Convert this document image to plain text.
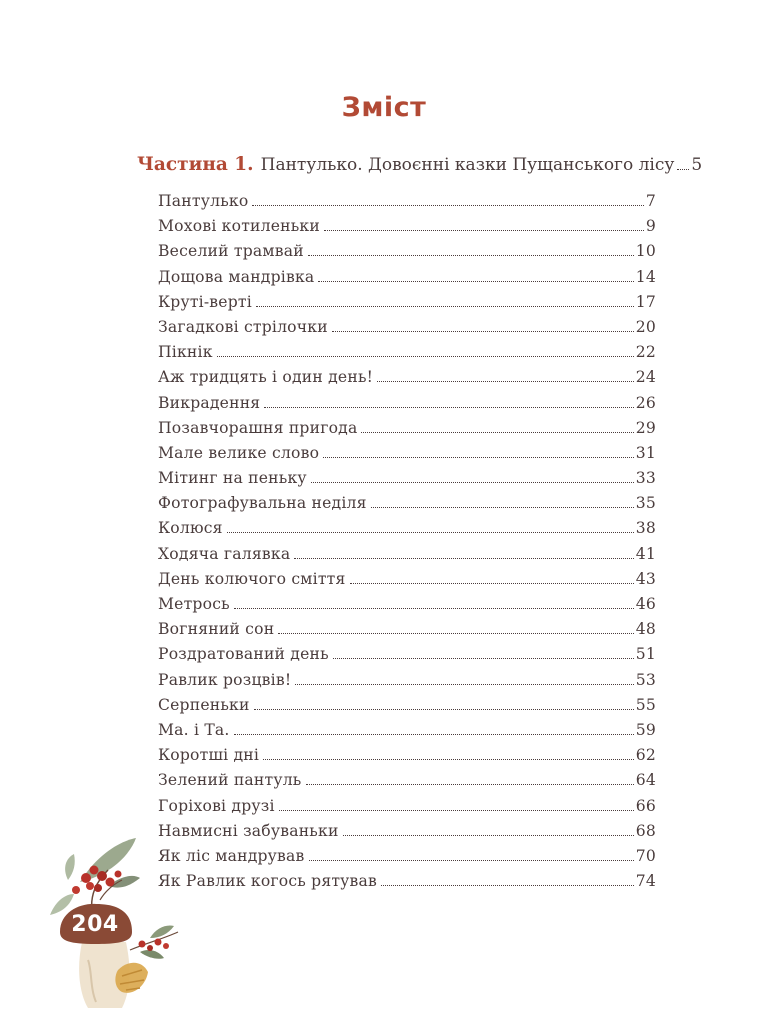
Зміст
Частина 1. Пантулько. Довоєнні казки Пущанського лісу 5
Пантулько	7
Мохові котиленьки	9
Веселий трамвай	10
Дощова мандрівка	14
Круті-верті	17
Загадкові стрілочки	20
Пікнік	22
Аж тридцять і один день!	24
Викрадення	26
Позавчорашня пригода	29
Мале велике слово	31
Мітинг на пеньку	33
Фотографувальна неділя	35
Колюся	38
Ходяча галявка	41
День колючого сміття	43
Метрось	46
Вогняний сон	48
Роздратований день	51
Равлик розцвів!	53
Серпеньки	55
Ма. і Та.	59
Коротші дні	62
Зелений пантуль	64
Горіхові друзі	66
Навмисні забуваньки	68
Як ліс мандрував	70
Як Равлик когось рятував	74
204
